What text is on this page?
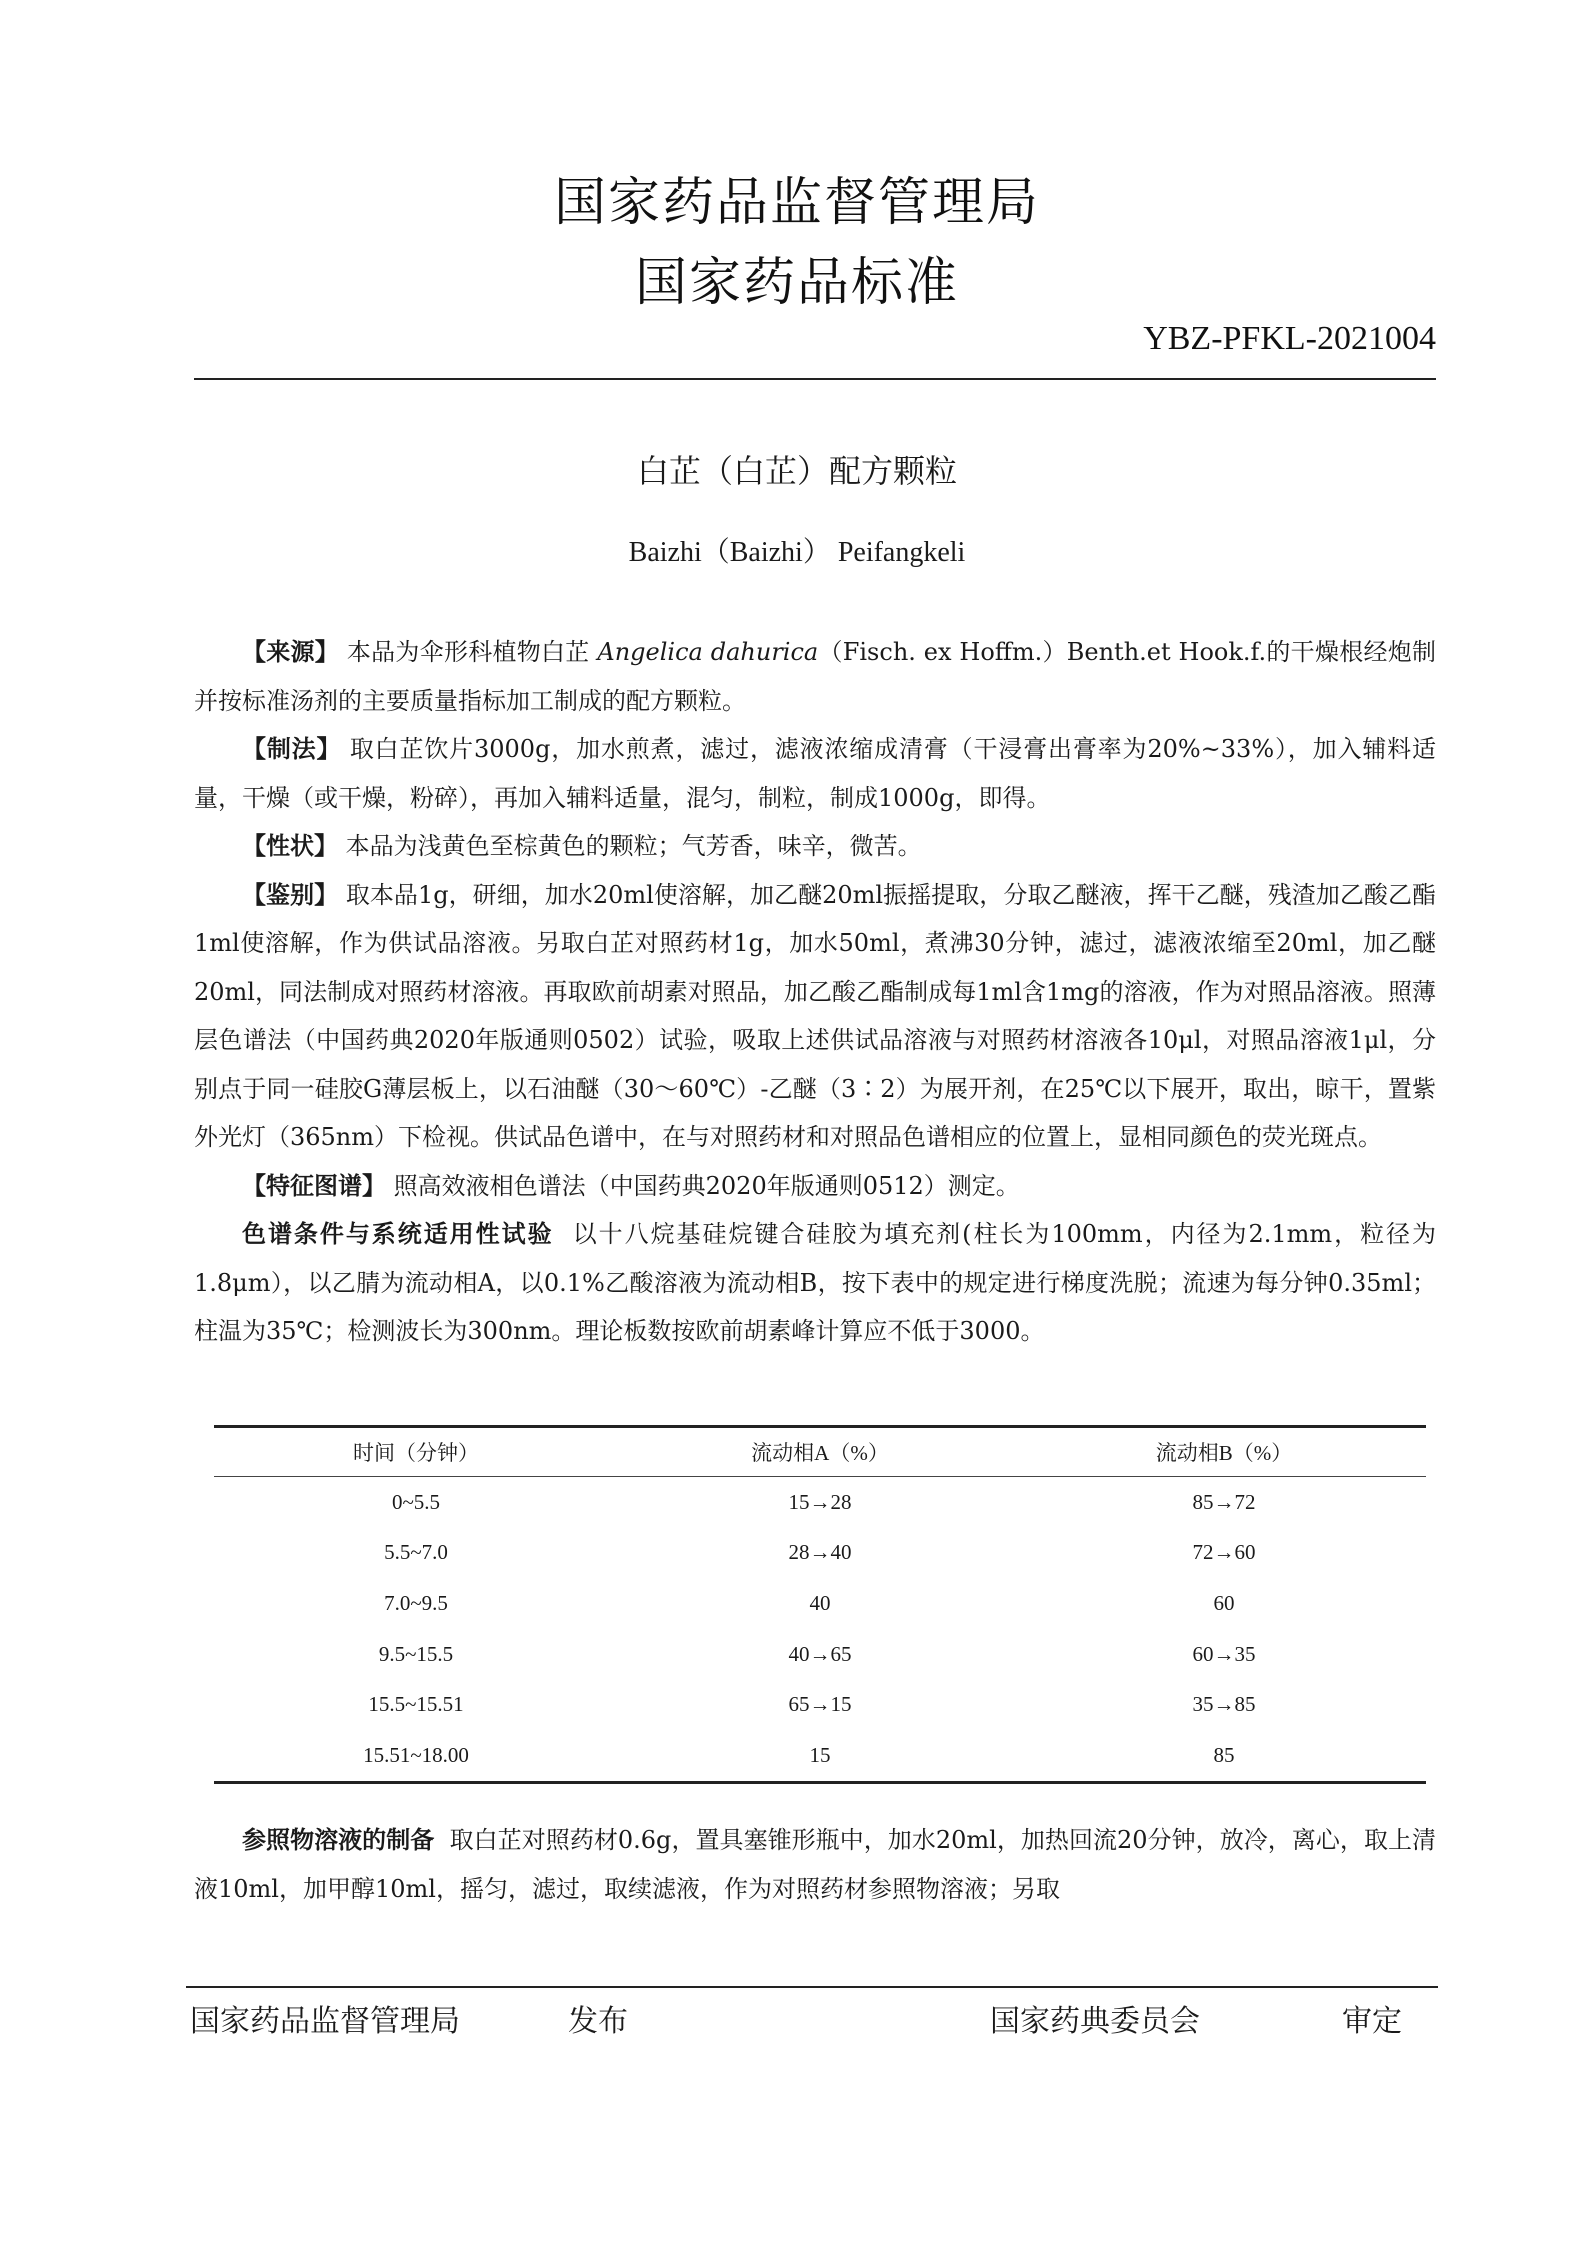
国家药品监督管理局
国家药品标准
YBZ-PFKL-2021004
白芷（白芷）配方颗粒
Baizhi（Baizhi） Peifangkeli

【来源】 本品为伞形科植物白芷 Angelica dahurica（Fisch. ex Hoffm.）Benth.et Hook.f.的干燥根经炮制并按标准汤剂的主要质量指标加工制成的配方颗粒。

【制法】 取白芷饮片3000g，加水煎煮，滤过，滤液浓缩成清膏（干浸膏出膏率为20%~33%），加入辅料适量，干燥（或干燥，粉碎），再加入辅料适量，混匀，制粒，制成1000g，即得。

【性状】 本品为浅黄色至棕黄色的颗粒；气芳香，味辛，微苦。

【鉴别】 取本品1g，研细，加水20ml使溶解，加乙醚20ml振摇提取，分取乙醚液，挥干乙醚，残渣加乙酸乙酯1ml使溶解，作为供试品溶液。另取白芷对照药材1g，加水50ml，煮沸30分钟，滤过，滤液浓缩至20ml，加乙醚20ml，同法制成对照药材溶液。再取欧前胡素对照品，加乙酸乙酯制成每1ml含1mg的溶液，作为对照品溶液。照薄层色谱法（中国药典2020年版通则0502）试验，吸取上述供试品溶液与对照药材溶液各10μl，对照品溶液1μl，分别点于同一硅胶G薄层板上，以石油醚（30～60℃）-乙醚（3∶2）为展开剂，在25℃以下展开，取出，晾干，置紫外光灯（365nm）下检视。供试品色谱中，在与对照药材和对照品色谱相应的位置上，显相同颜色的荧光斑点。

【特征图谱】 照高效液相色谱法（中国药典2020年版通则0512）测定。

色谱条件与系统适用性试验 以十八烷基硅烷键合硅胶为填充剂(柱长为100mm，内径为2.1mm，粒径为1.8μm），以乙腈为流动相A，以0.1%乙酸溶液为流动相B，按下表中的规定进行梯度洗脱；流速为每分钟0.35ml；柱温为35℃；检测波长为300nm。理论板数按欧前胡素峰计算应不低于3000。

时间（分钟）	流动相A（%）	流动相B（%）
0~5.5	15→28	85→72
5.5~7.0	28→40	72→60
7.0~9.5	40	60
9.5~15.5	40→65	60→35
15.5~15.51	65→15	35→85
15.51~18.00	15	85

参照物溶液的制备 取白芷对照药材0.6g，置具塞锥形瓶中，加水20ml，加热回流20分钟，放冷，离心，取上清液10ml，加甲醇10ml，摇匀，滤过，取续滤液，作为对照药材参照物溶液；另取

国家药品监督管理局	发布	国家药典委员会	审定
